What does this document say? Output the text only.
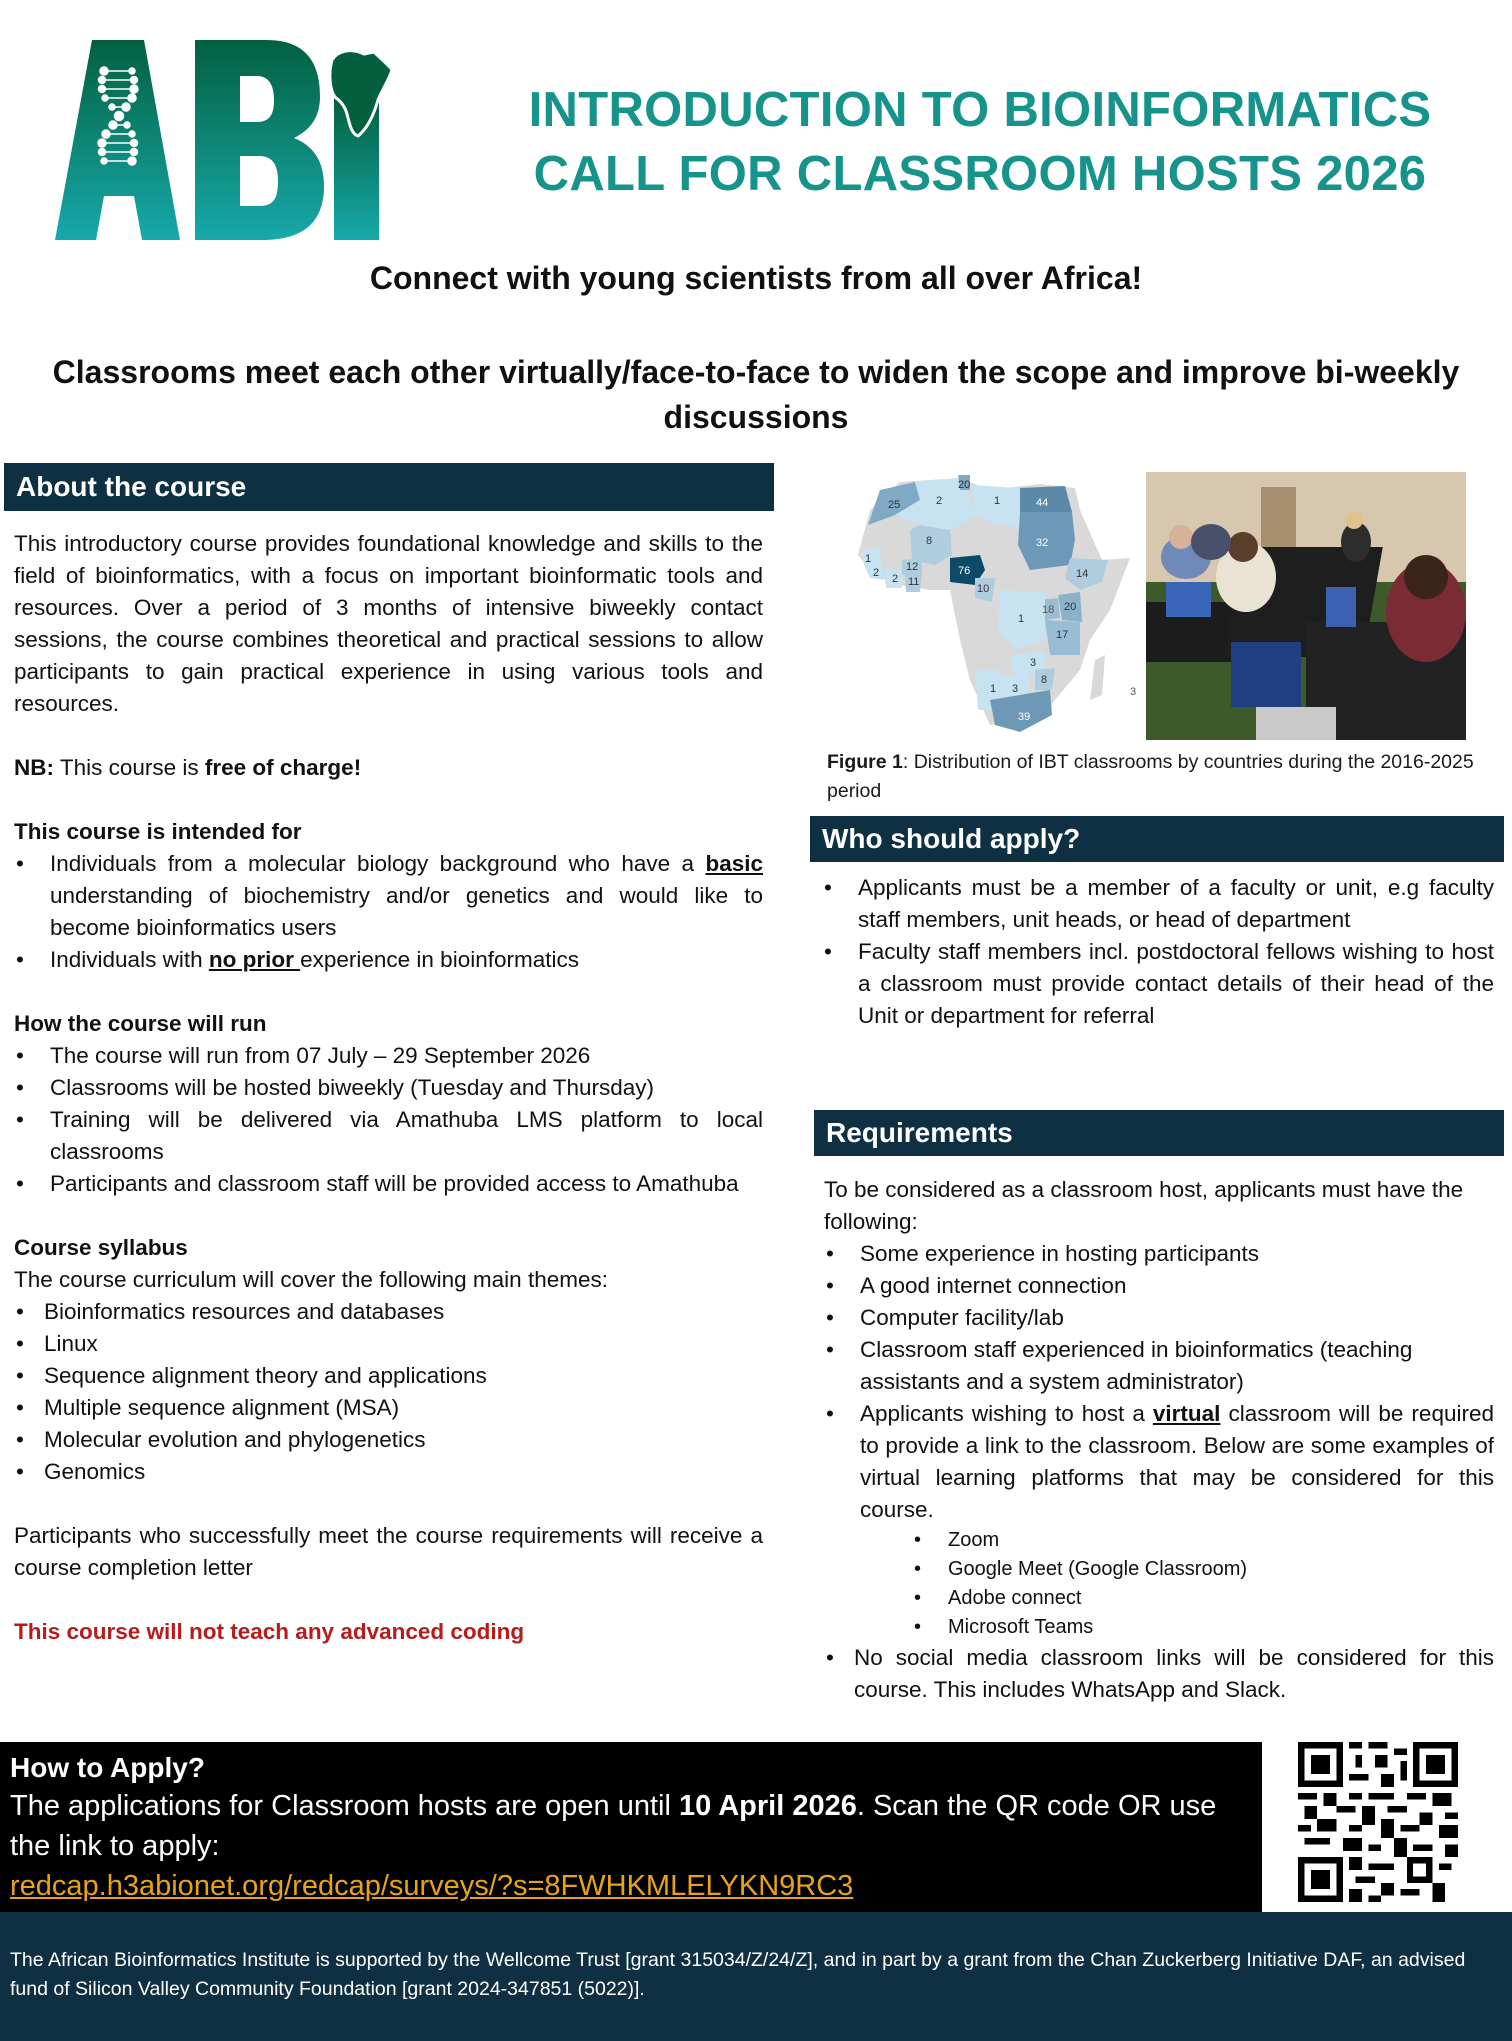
INTRODUCTION TO BIOINFORMATICS
CALL FOR CLASSROOM HOSTS 2026
Connect with young scientists from all over Africa!
Classrooms meet each other virtually/face-to-face to widen the scope and improve bi-weekly discussions
About the course

This introductory course provides foundational knowledge and skills to the field of bioinformatics, with a focus on important bioinformatic tools and resources. Over a period of 3 months of intensive biweekly contact sessions, the course combines theoretical and practical sessions to allow participants to gain practical experience in using various tools and resources.

NB: This course is free of charge!

This course is intended for
• Individuals from a molecular biology background who have a basic understanding of biochemistry and/or genetics and would like to become bioinformatics users
• Individuals with no prior experience in bioinformatics
How the course will run
• The course will run from 07 July – 29 September 2026
• Classrooms will be hosted biweekly (Tuesday and Thursday)
• Training will be delivered via Amathuba LMS platform to local classrooms
• Participants and classroom staff will be provided access to Amathuba
Course syllabus

The course curriculum will cover the following main themes:

• Bioinformatics resources and databases
• Linux
• Sequence alignment theory and applications
• Multiple sequence alignment (MSA)
• Molecular evolution and phylogenetics
• Genomics

Participants who successfully meet the course requirements will receive a course completion letter

This course will not teach any advanced coding

25	2
20
1	44
32
8
1
2 2
12
11
76
10
14
18 20
1
17
3
8
1 3
39
3
Figure 1: Distribution of IBT classrooms by countries during the 2016-2025 period
Who should apply?
• Applicants must be a member of a faculty or unit, e.g faculty staff members, unit heads, or head of department
• Faculty staff members incl. postdoctoral fellows wishing to host a classroom must provide contact details of their head of the Unit or department for referral
Requirements

To be considered as a classroom host, applicants must have the following:

• Some experience in hosting participants
• A good internet connection
• Computer facility/lab
• Classroom staff experienced in bioinformatics (teaching assistants and a system administrator)
• Applicants wishing to host a virtual classroom will be required to provide a link to the classroom. Below are some examples of virtual learning platforms that may be considered for this course.
• Zoom
• Google Meet (Google Classroom)
• Adobe connect
• Microsoft Teams
• No social media classroom links will be considered for this course. This includes WhatsApp and Slack.
How to Apply?
The applications for Classroom hosts are open until 10 April 2026. Scan the QR code OR use the link to apply:
redcap.h3abionet.org/redcap/surveys/?s=8FWHKMLELYKN9RC3

The African Bioinformatics Institute is supported by the Wellcome Trust [grant 315034/Z/24/Z], and in part by a grant from the Chan Zuckerberg Initiative DAF, an advised fund of Silicon Valley Community Foundation [grant 2024-347851 (5022)].
